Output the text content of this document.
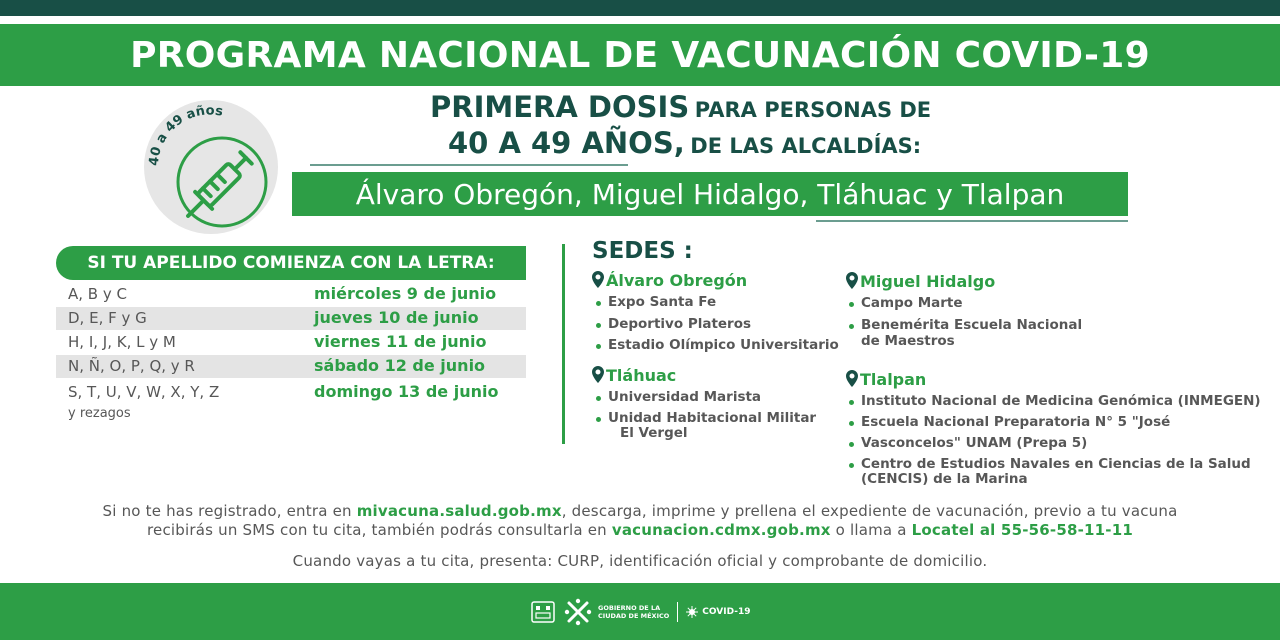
PROGRAMA NACIONAL DE VACUNACIÓN COVID-19
40 a 49 años	PRIMERA DOSIS PARA PERSONAS DE
40 A 49 AÑOS, DE LAS ALCALDÍAS:
Álvaro Obregón, Miguel Hidalgo, Tláhuac y Tlalpan
SI TU APELLIDO COMIENZA CON LA LETRA:
A, B y C	miércoles 9 de junio
D, E, F y G	jueves 10 de junio
H, I, J, K, L y M	viernes 11 de junio
N, Ñ, O, P, Q, y R	sábado 12 de junio
S, T, U, V, W, X, Y, Z	domingo 13 de junio
y rezagos
SEDES :
Álvaro Obregón
Expo Santa Fe
Deportivo Plateros
Estadio Olímpico Universitario
Tláhuac
Universidad Marista
Unidad Habitacional Militar
El Vergel
Miguel Hidalgo
Campo Marte
Benemérita Escuela Nacional
de Maestros
Tlalpan
Instituto Nacional de Medicina Genómica (INMEGEN)
Escuela Nacional Preparatoria N° 5 "José
Vasconcelos" UNAM (Prepa 5)
Centro de Estudios Navales en Ciencias de la Salud
(CENCIS) de la Marina
Si no te has registrado, entra en mivacuna.salud.gob.mx, descarga, imprime y prellena el expediente de vacunación, previo a tu vacuna
recibirás un SMS con tu cita, también podrás consultarla en vacunacion.cdmx.gob.mx o llama a Locatel al 55-56-58-11-11
Cuando vayas a tu cita, presenta: CURP, identificación oficial y comprobante de domicilio.
GOBIERNO DE LA
CIUDAD DE MÉXICO	COVID-19
